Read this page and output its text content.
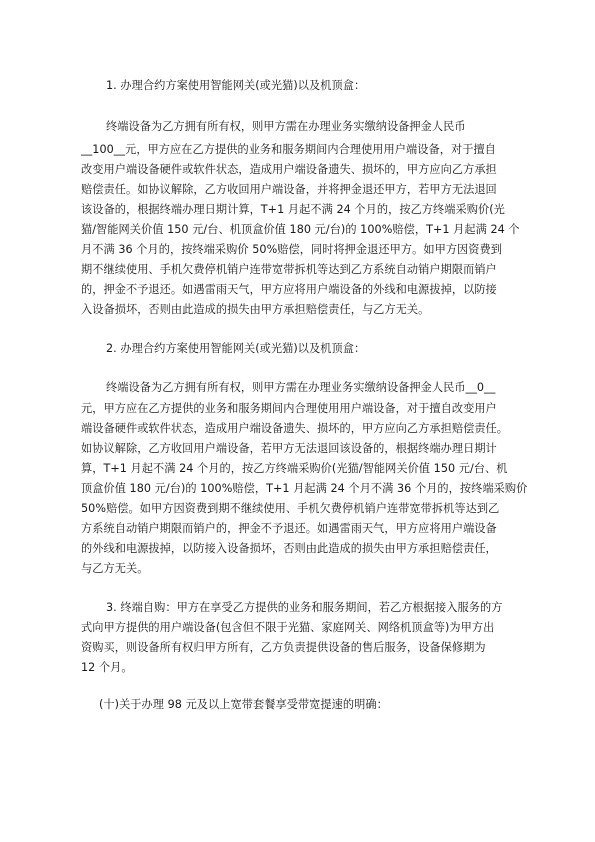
1. 办理合约方案使用智能网关(或光猫)以及机顶盒：
终端设备为乙方拥有所有权，则甲方需在办理业务实缴纳设备押金人民币
__100__元，甲方应在乙方提供的业务和服务期间内合理使用用户端设备，对于擅自
改变用户端设备硬件或软件状态，造成用户端设备遗失、损坏的，甲方应向乙方承担
赔偿责任。如协议解除，乙方收回用户端设备，并将押金退还甲方，若甲方无法退回
该设备的，根据终端办理日期计算，T+1 月起不满 24 个月的，按乙方终端采购价(光
猫/智能网关价值 150 元/台、机顶盒价值 180 元/台)的 100%赔偿，T+1 月起满 24 个
月不满 36 个月的，按终端采购价 50%赔偿，同时将押金退还甲方。如甲方因资费到
期不继续使用、手机欠费停机销户连带宽带拆机等达到乙方系统自动销户期限而销户
的，押金不予退还。如遇雷雨天气，甲方应将用户端设备的外线和电源拔掉，以防接
入设备损坏，否则由此造成的损失由甲方承担赔偿责任，与乙方无关。
2. 办理合约方案使用智能网关(或光猫)以及机顶盒：
终端设备为乙方拥有所有权，则甲方需在办理业务实缴纳设备押金人民币__0__
元，甲方应在乙方提供的业务和服务期间内合理使用用户端设备，对于擅自改变用户
端设备硬件或软件状态，造成用户端设备遗失、损坏的，甲方应向乙方承担赔偿责任。
如协议解除，乙方收回用户端设备，若甲方无法退回该设备的，根据终端办理日期计
算，T+1 月起不满 24 个月的，按乙方终端采购价(光猫/智能网关价值 150 元/台、机
顶盒价值 180 元/台)的 100%赔偿，T+1 月起满 24 个月不满 36 个月的，按终端采购价
50%赔偿。如甲方因资费到期不继续使用、手机欠费停机销户连带宽带拆机等达到乙
方系统自动销户期限而销户的，押金不予退还。如遇雷雨天气，甲方应将用户端设备
的外线和电源拔掉，以防接入设备损坏，否则由此造成的损失由甲方承担赔偿责任，
与乙方无关。
3. 终端自购：甲方在享受乙方提供的业务和服务期间，若乙方根据接入服务的方
式向甲方提供的用户端设备(包含但不限于光猫、家庭网关、网络机顶盒等)为甲方出
资购买，则设备所有权归甲方所有，乙方负责提供设备的售后服务，设备保修期为
12 个月。
(十)关于办理 98 元及以上宽带套餐享受带宽提速的明确：
